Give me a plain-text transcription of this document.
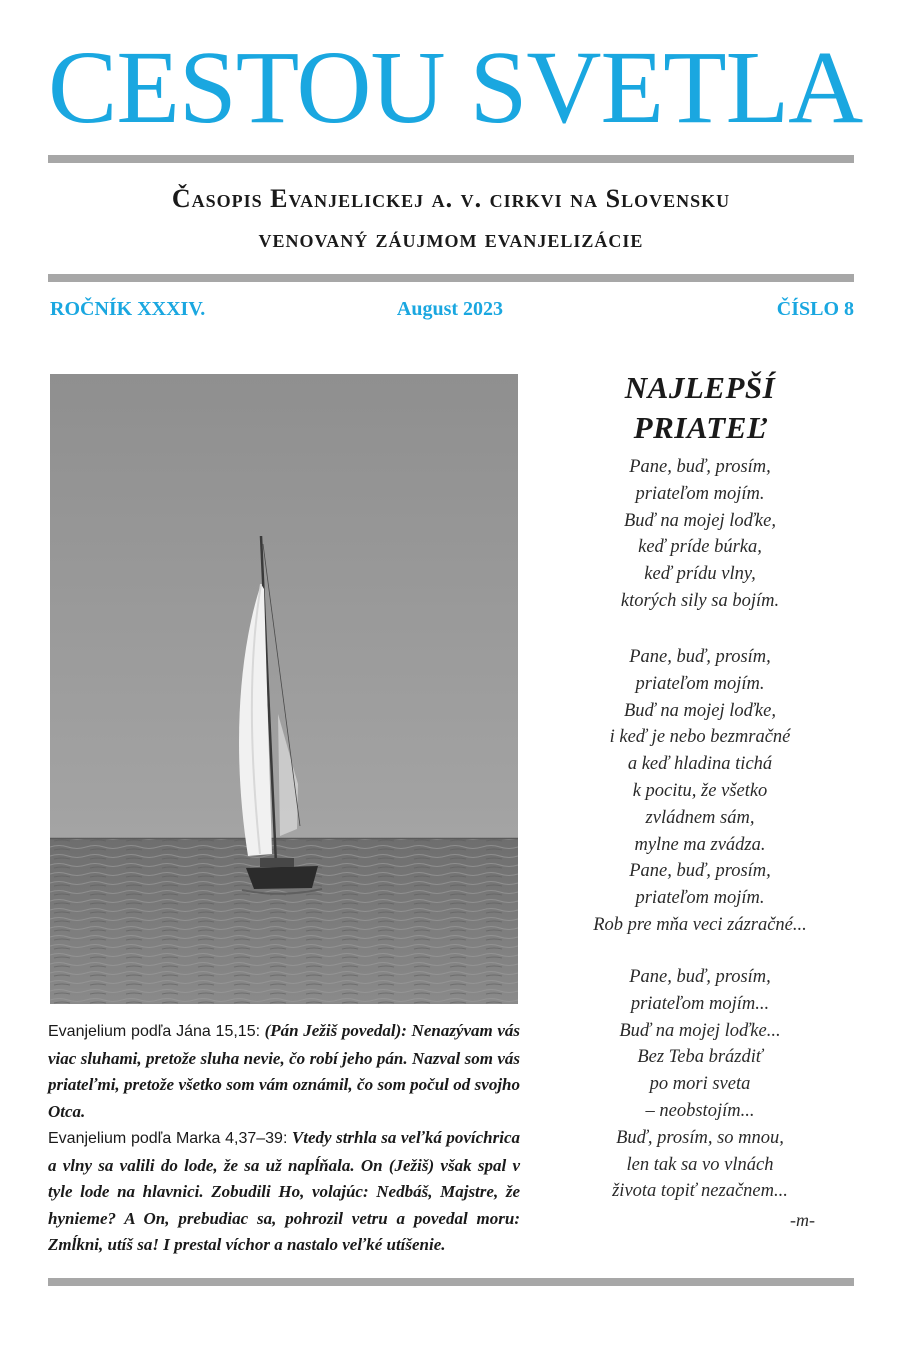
CESTOU SVETLA
Časopis Evanjelickej a. v. cirkvi na Slovensku
venovaný záujmom evanjelizácie
ROČNÍK XXXIV.	August 2023	ČÍSLO 8
Evanjelium podľa Jána 15,15: (Pán Ježiš povedal): Nenazývam vás viac sluhami, pretože sluha nevie, čo robí jeho pán. Nazval som vás priateľmi, pretože všetko som vám oznámil, čo som počul od svojho Otca.
Evanjelium podľa Marka 4,37–39: Vtedy strhla sa veľká povíchrica a vlny sa valili do lode, že sa už napĺňala. On (Ježiš) však spal v tyle lode na hlavnici. Zobudili Ho, volajúc: Nedbáš, Majstre, že hynieme? A On, prebudiac sa, pohrozil vetru a povedal moru: Zmĺkni, utíš sa! I prestal víchor a nastalo veľké utíšenie.
NAJLEPŠÍ
PRIATEĽ
Pane, buď, prosím,
priateľom mojím.
Buď na mojej loďke,
keď príde búrka,
keď prídu vlny,
ktorých sily sa bojím.
Pane, buď, prosím,
priateľom mojím.
Buď na mojej loďke,
i keď je nebo bezmračné
a keď hladina tichá
k pocitu, že všetko
zvládnem sám,
mylne ma zvádza.
Pane, buď, prosím,
priateľom mojím.
Rob pre mňa veci zázračné...
Pane, buď, prosím,
priateľom mojím...
Buď na mojej loďke...
Bez Teba brázdiť
po mori sveta
– neobstojím...
Buď, prosím, so mnou,
len tak sa vo vlnách
života topiť nezačnem...
-m-
